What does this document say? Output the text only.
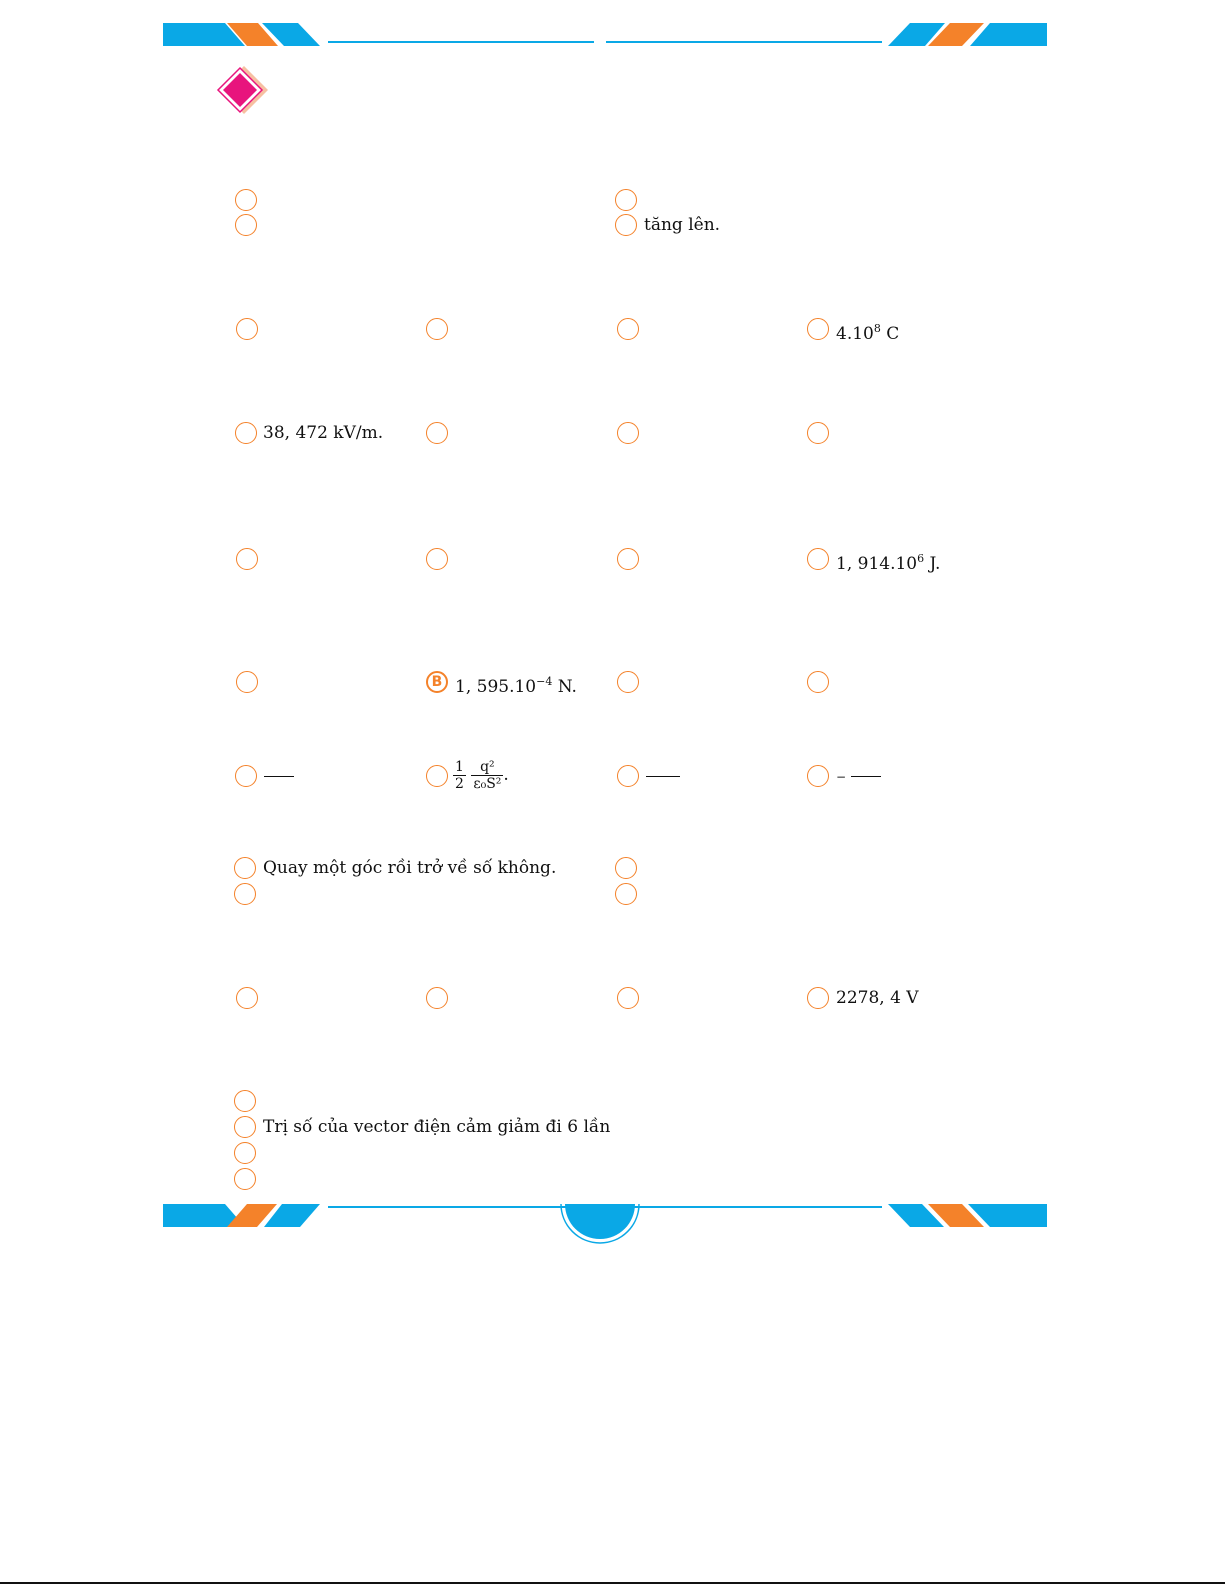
tăng lên.
4.10$^8$ C
38, 472 kV/m.
1, 914.10$^6$ J.
B 1, $595.10^{-4}$ N.
$\frac{1}{2}$
$\frac{\text{q²}}{\text{ε₀S²}}$ .	−
Quay một góc rồi trở về số không.
2278, 4 V
Trị số của vector điện cảm giảm đi 6 lần
